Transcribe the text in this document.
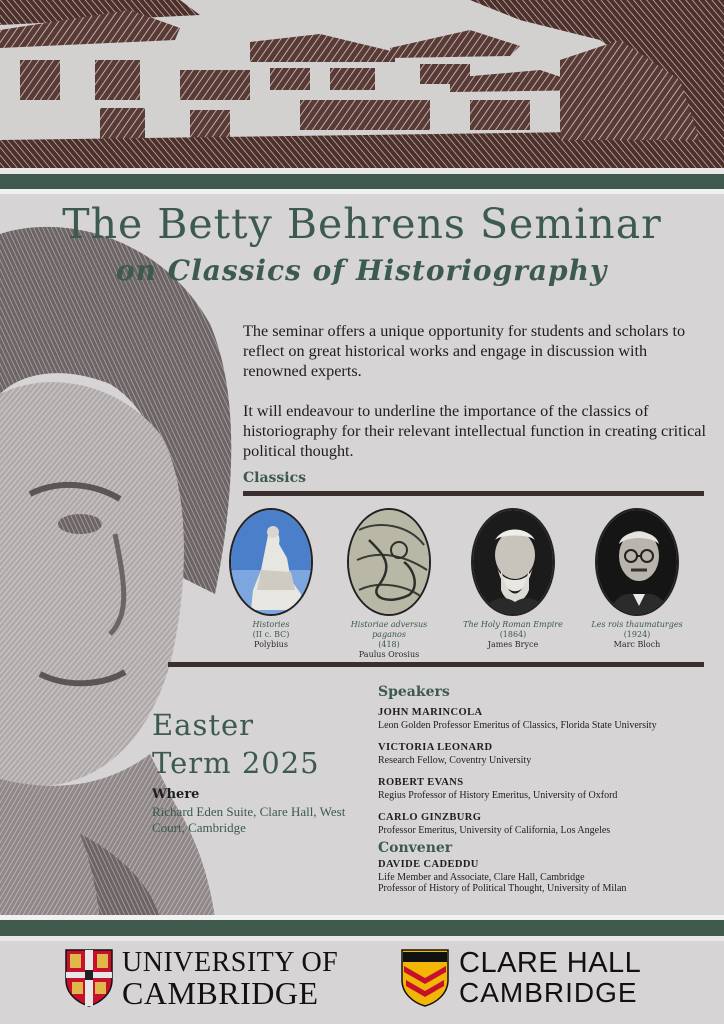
The Betty Behrens Seminar
on Classics of Historiography

The seminar offers a unique opportunity for students and scholars to reflect on great historical works and engage in discussion with renowned experts.

It will endeavour to underline the importance of the classics of historiography for their relevant intellectual function in creating critical political thought.

Classics
Histories
(II c. BC)
Polybius
Historiae adversus paganos
(418)
Paulus Orosius
The Holy Roman Empire
(1864)
James Bryce
Les rois thaumaturges
(1924)
Marc Bloch
Easter
Term 2025
Where
Richard Eden Suite, Clare Hall, West Court, Cambridge
Speakers
JOHN MARINCOLA
Leon Golden Professor Emeritus of Classics, Florida State University
VICTORIA LEONARD
Research Fellow, Coventry University
ROBERT EVANS
Regius Professor of History Emeritus, University of Oxford
CARLO GINZBURG
Professor Emeritus, University of California, Los Angeles
Convener
DAVIDE CADEDDU
Life Member and Associate, Clare Hall, Cambridge
Professor of History of Political Thought, University of Milan
UNIVERSITY OF
CAMBRIDGE
CLARE HALL
CAMBRIDGE
